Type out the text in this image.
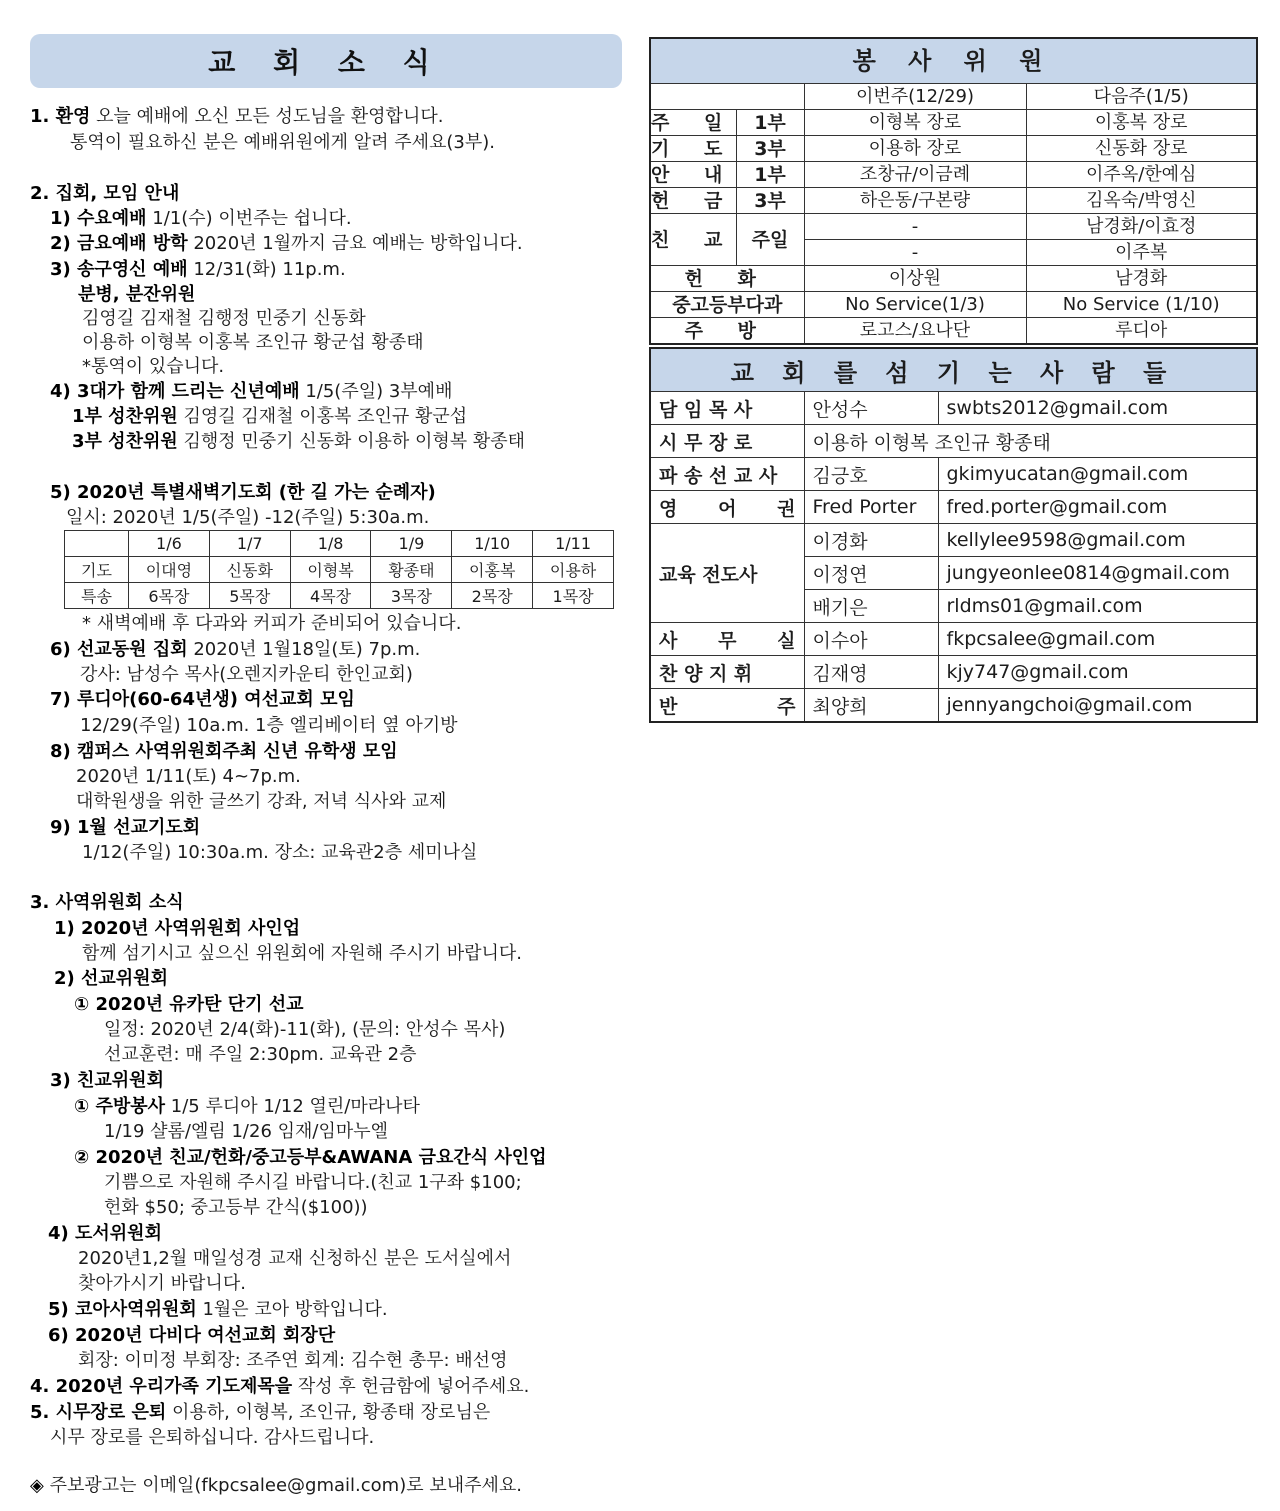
교 회 소 식
1. 환영 오늘 예배에 오신 모든 성도님을 환영합니다.
통역이 필요하신 분은 예배위원에게 알려 주세요(3부).
2. 집회, 모임 안내
1) 수요예배 1/1(수) 이번주는 쉽니다.
2) 금요예배 방학 2020년 1월까지 금요 예배는 방학입니다.
3) 송구영신 예배 12/31(화) 11p.m.
분병, 분잔위원
김영길 김재철 김행정 민중기 신동화
이용하 이형복 이홍복 조인규 황군섭 황종태
*통역이 있습니다.
4) 3대가 함께 드리는 신년예배 1/5(주일) 3부예배
1부 성찬위원 김영길 김재철 이홍복 조인규 황군섭
3부 성찬위원 김행정 민중기 신동화 이용하 이형복 황종태
5) 2020년 특별새벽기도회 (한 길 가는 순례자)
일시: 2020년 1/5(주일) -12(주일) 5:30a.m.
* 새벽예배 후 다과와 커피가 준비되어 있습니다.
6) 선교동원 집회 2020년 1월18일(토) 7p.m.
강사: 남성수 목사(오렌지카운티 한인교회)
7) 루디아(60-64년생) 여선교회 모임
12/29(주일) 10a.m. 1층 엘리베이터 옆 아기방
8) 캠퍼스 사역위원회주최 신년 유학생 모임
2020년 1/11(토) 4~7p.m.
대학원생을 위한 글쓰기 강좌, 저녁 식사와 교제
9) 1월 선교기도회
1/12(주일) 10:30a.m. 장소: 교육관2층 세미나실
3. 사역위원회 소식
1) 2020년 사역위원회 사인업
함께 섬기시고 싶으신 위원회에 자원해 주시기 바랍니다.
2) 선교위원회
① 2020년 유카탄 단기 선교
일정: 2020년 2/4(화)-11(화), (문의: 안성수 목사)
선교훈련: 매 주일 2:30pm. 교육관 2층
3) 친교위원회
① 주방봉사 1/5 루디아 1/12 열린/마라나타
1/19 샬롬/엘림 1/26 임재/임마누엘
② 2020년 친교/헌화/중고등부&AWANA 금요간식 사인업
기쁨으로 자원해 주시길 바랍니다.(친교 1구좌 $100;
헌화 $50; 중고등부 간식($100))
4) 도서위원회
2020년1,2월 매일성경 교재 신청하신 분은 도서실에서
찾아가시기 바랍니다.
5) 코아사역위원회 1월은 코아 방학입니다.
6) 2020년 다비다 여선교회 회장단
회장: 이미정 부회장: 조주연 회계: 김수현 총무: 배선영
4. 2020년 우리가족 기도제목을 작성 후 헌금함에 넣어주세요.
5. 시무장로 은퇴 이용하, 이형복, 조인규, 황종태 장로님은
시무 장로를 은퇴하십니다. 감사드립니다.
◈ 주보광고는 이메일(fkpcsalee@gmail.com)로 보내주세요.
	1/6	1/7	1/8	1/9	1/10	1/11
기도	이대영	신동화	이형복	황종태	이홍복	이용하
특송	6목장	5목장	4목장	3목장	2목장	1목장
봉 사 위 원			
		이번주(12/29)	다음주(1/5)
주 일	1부	이형복 장로	이홍복 장로
기 도	3부	이용하 장로	신동화 장로
안 내	1부	조창규/이금례	이주옥/한예심
헌 금	3부	하은동/구본량	김옥숙/박영신
친 교	주일	-	남경화/이효정
		-	이주복
헌 화		이상원	남경화
중고등부다과		No Service(1/3)	No Service (1/10)
주 방		로고스/요나단	루디아
교 회 를 섬 기 는 사 람 들		
담 임 목 사	안성수	swbts2012@gmail.com
시 무 장 로	이용하 이형복 조인규 황종태	
파 송 선 교 사	김긍호	gkimyucatan@gmail.com

영 어 권	Fred Porter	fred.porter@gmail.com
교육 전도사	이경화	kellylee9598@gmail.com
	이정연	jungyeonlee0814@gmail.com
	배기은	rldms01@gmail.com

사 무 실	이수아	fkpcsalee@gmail.com
찬 양 지 휘	김재영	kjy747@gmail.com

반 주	최양희	jennyangchoi@gmail.com
